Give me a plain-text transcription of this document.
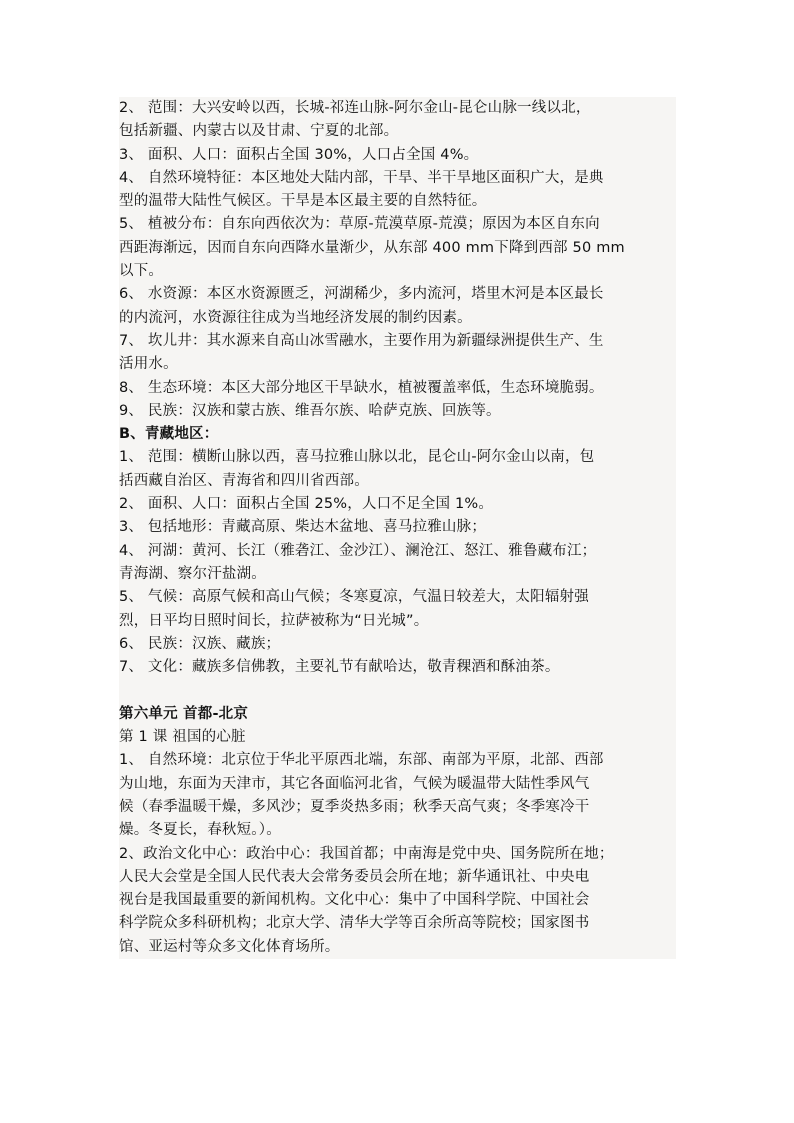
2、 范围：大兴安岭以西，长城-祁连山脉-阿尔金山-昆仑山脉一线以北，
包括新疆、内蒙古以及甘肃、宁夏的北部。
3、 面积、人口：面积占全国 30%，人口占全国 4%。
4、 自然环境特征：本区地处大陆内部，干旱、半干旱地区面积广大，是典
型的温带大陆性气候区。干旱是本区最主要的自然特征。
5、 植被分布：自东向西依次为：草原-荒漠草原-荒漠；原因为本区自东向
西距海渐远，因而自东向西降水量渐少，从东部 400 mm下降到西部 50 mm
以下。
6、 水资源：本区水资源匮乏，河湖稀少，多内流河，塔里木河是本区最长
的内流河，水资源往往成为当地经济发展的制约因素。
7、 坎儿井：其水源来自高山冰雪融水，主要作用为新疆绿洲提供生产、生
活用水。
8、 生态环境：本区大部分地区干旱缺水，植被覆盖率低，生态环境脆弱。
9、 民族：汉族和蒙古族、维吾尔族、哈萨克族、回族等。
B、青藏地区：
1、 范围：横断山脉以西，喜马拉雅山脉以北，昆仑山-阿尔金山以南，包
括西藏自治区、青海省和四川省西部。
2、 面积、人口：面积占全国 25%，人口不足全国 1%。
3、 包括地形：青藏高原、柴达木盆地、喜马拉雅山脉；
4、 河湖：黄河、长江（雅砻江、金沙江）、澜沧江、怒江、雅鲁藏布江；
青海湖、察尔汗盐湖。
5、 气候：高原气候和高山气候；冬寒夏凉，气温日较差大，太阳辐射强
烈，日平均日照时间长，拉萨被称为“日光城”。
6、 民族：汉族、藏族；
7、 文化：藏族多信佛教，主要礼节有献哈达，敬青稞酒和酥油茶。
第六单元 首都-北京
第 1 课 祖国的心脏
1、 自然环境：北京位于华北平原西北端，东部、南部为平原，北部、西部
为山地，东面为天津市，其它各面临河北省，气候为暖温带大陆性季风气
候（春季温暖干燥，多风沙；夏季炎热多雨；秋季天高气爽；冬季寒冷干
燥。冬夏长，春秋短。）。
2、政治文化中心：政治中心：我国首都；中南海是党中央、国务院所在地；
人民大会堂是全国人民代表大会常务委员会所在地；新华通讯社、中央电
视台是我国最重要的新闻机构。文化中心：集中了中国科学院、中国社会
科学院众多科研机构；北京大学、清华大学等百余所高等院校；国家图书
馆、亚运村等众多文化体育场所。
